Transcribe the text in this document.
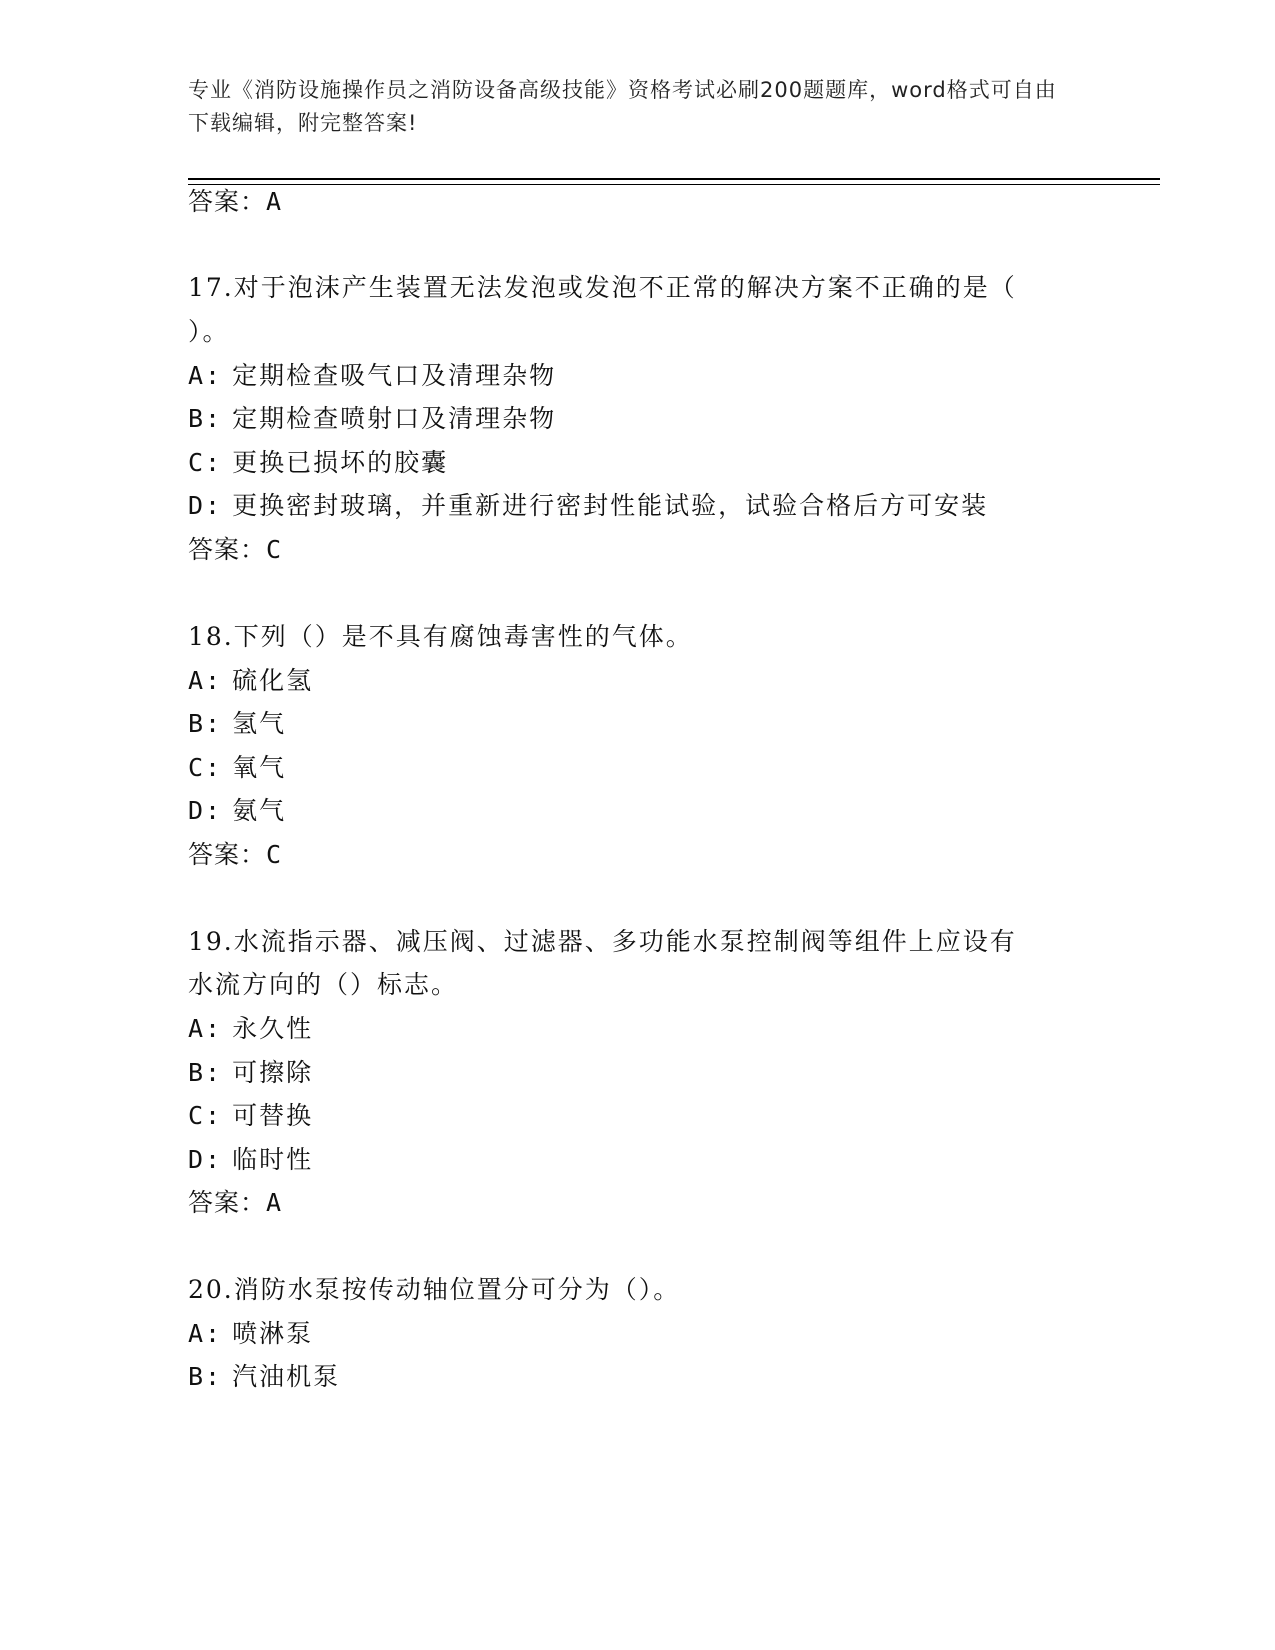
专业《消防设施操作员之消防设备高级技能》资格考试必刷200题题库，word格式可自由下载编辑，附完整答案!
答案：A
17.对于泡沫产生装置无法发泡或发泡不正常的解决方案不正确的是（
）。
A: 定期检查吸气口及清理杂物
B: 定期检查喷射口及清理杂物
C: 更换已损坏的胶囊
D: 更换密封玻璃，并重新进行密封性能试验，试验合格后方可安装
答案：C
18.下列（）是不具有腐蚀毒害性的气体。
A: 硫化氢
B: 氢气
C: 氧气
D: 氨气
答案：C
19.水流指示器、减压阀、过滤器、多功能水泵控制阀等组件上应设有
水流方向的（）标志。
A: 永久性
B: 可擦除
C: 可替换
D: 临时性
答案：A
20.消防水泵按传动轴位置分可分为（）。
A: 喷淋泵
B: 汽油机泵
